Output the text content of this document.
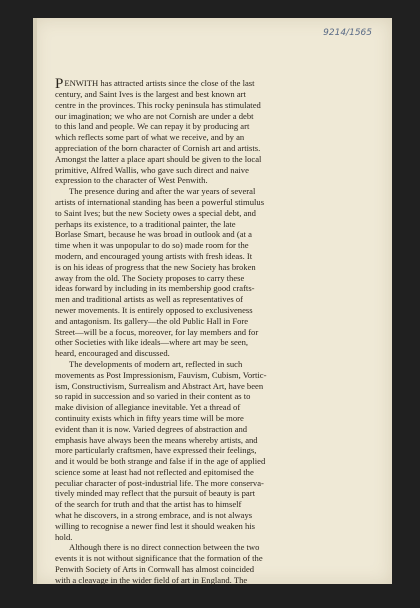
9214/1565
PENWITH has attracted artists since the close of the last
century, and Saint Ives is the largest and best known art
centre in the provinces. This rocky peninsula has stimulated
our imagination; we who are not Cornish are under a debt
to this land and people. We can repay it by producing art
which reflects some part of what we receive, and by an
appreciation of the born character of Cornish art and artists.
Amongst the latter a place apart should be given to the local
primitive, Alfred Wallis, who gave such direct and naive
expression to the character of West Penwith.
The presence during and after the war years of several
artists of international standing has been a powerful stimulus
to Saint Ives; but the new Society owes a special debt, and
perhaps its existence, to a traditional painter, the late
Borlase Smart, because he was broad in outlook and (at a
time when it was unpopular to do so) made room for the
modern, and encouraged young artists with fresh ideas. It
is on his ideas of progress that the new Society has broken
away from the old. The Society proposes to carry these
ideas forward by including in its membership good crafts-
men and traditional artists as well as representatives of
newer movements. It is entirely opposed to exclusiveness
and antagonism. Its gallery—the old Public Hall in Fore
Street—will be a focus, moreover, for lay members and for
other Societies with like ideals—where art may be seen,
heard, encouraged and discussed.
The developments of modern art, reflected in such
movements as Post Impressionism, Fauvism, Cubism, Vortic-
ism, Constructivism, Surrealism and Abstract Art, have been
so rapid in succession and so varied in their content as to
make division of allegiance inevitable. Yet a thread of
continuity exists which in fifty years time will be more
evident than it is now. Varied degrees of abstraction and
emphasis have always been the means whereby artists, and
more particularly craftsmen, have expressed their feelings,
and it would be both strange and false if in the age of applied
science some at least had not reflected and epitomised the
peculiar character of post-industrial life. The more conserva-
tively minded may reflect that the pursuit of beauty is part
of the search for truth and that the artist has to himself
what he discovers, in a strong embrace, and is not always
willing to recognise a newer find lest it should weaken his
hold.
Although there is no direct connection between the two
events it is not without significance that the formation of the
Penwith Society of Arts in Cornwall has almost coincided
with a cleavage in the wider field of art in England. The
